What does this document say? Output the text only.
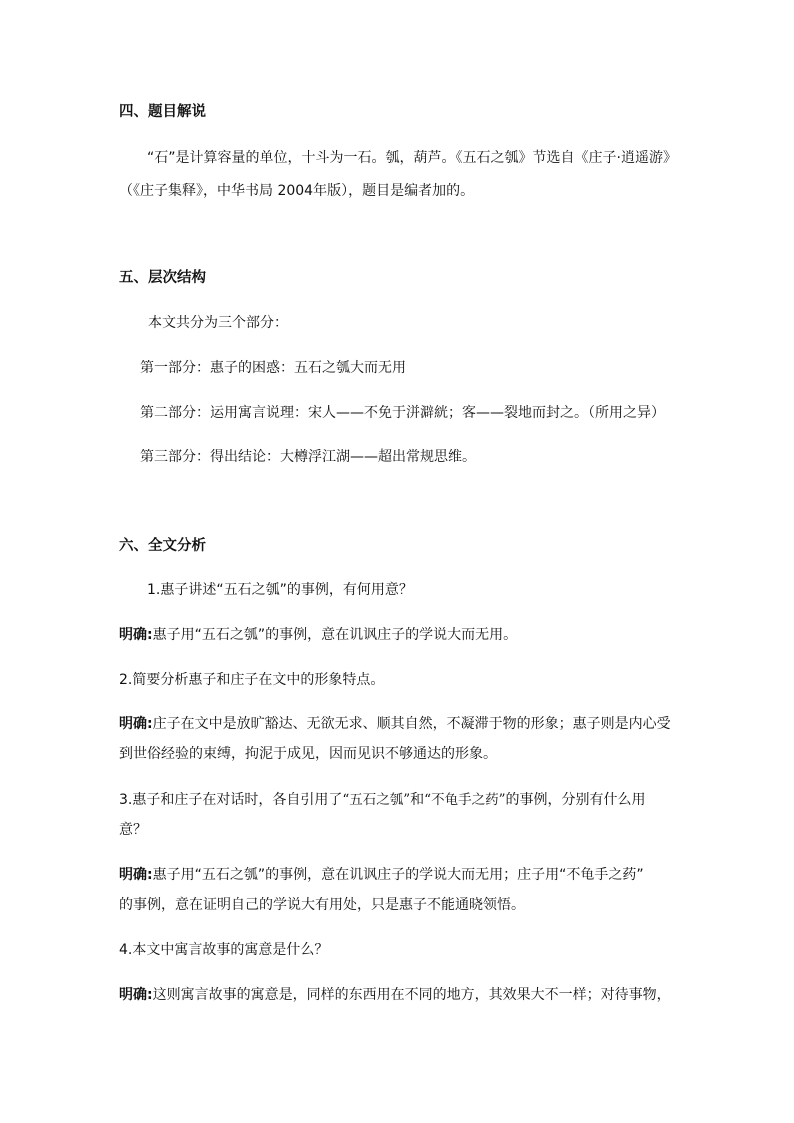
四、题目解说
“石”是计算容量的单位，十斗为一石。瓠，葫芦。《五石之瓠》节选自《庄子·逍遥游》
（《庄子集释》，中华书局 2004年版），题目是编者加的。
五、层次结构
本文共分为三个部分：
第一部分：惠子的困惑：五石之瓠大而无用
第二部分：运用寓言说理：宋人——不免于洴澼絖；客——裂地而封之。（所用之异）
第三部分：得出结论：大樽浮江湖——超出常规思维。
六、全文分析
1.惠子讲述“五石之瓠”的事例，有何用意？
明确:惠子用“五石之瓠”的事例，意在讥讽庄子的学说大而无用。
2.简要分析惠子和庄子在文中的形象特点。
明确:庄子在文中是放旷豁达、无欲无求、顺其自然，不凝滞于物的形象；惠子则是内心受
到世俗经验的束缚，拘泥于成见，因而见识不够通达的形象。
3.惠子和庄子在对话时，各自引用了“五石之瓠”和“不龟手之药”的事例，分别有什么用
意？
明确:惠子用“五石之瓠”的事例，意在讥讽庄子的学说大而无用；庄子用“不龟手之药”
的事例，意在证明自己的学说大有用处，只是惠子不能通晓领悟。
4.本文中寓言故事的寓意是什么？
明确:这则寓言故事的寓意是，同样的东西用在不同的地方，其效果大不一样；对待事物，
